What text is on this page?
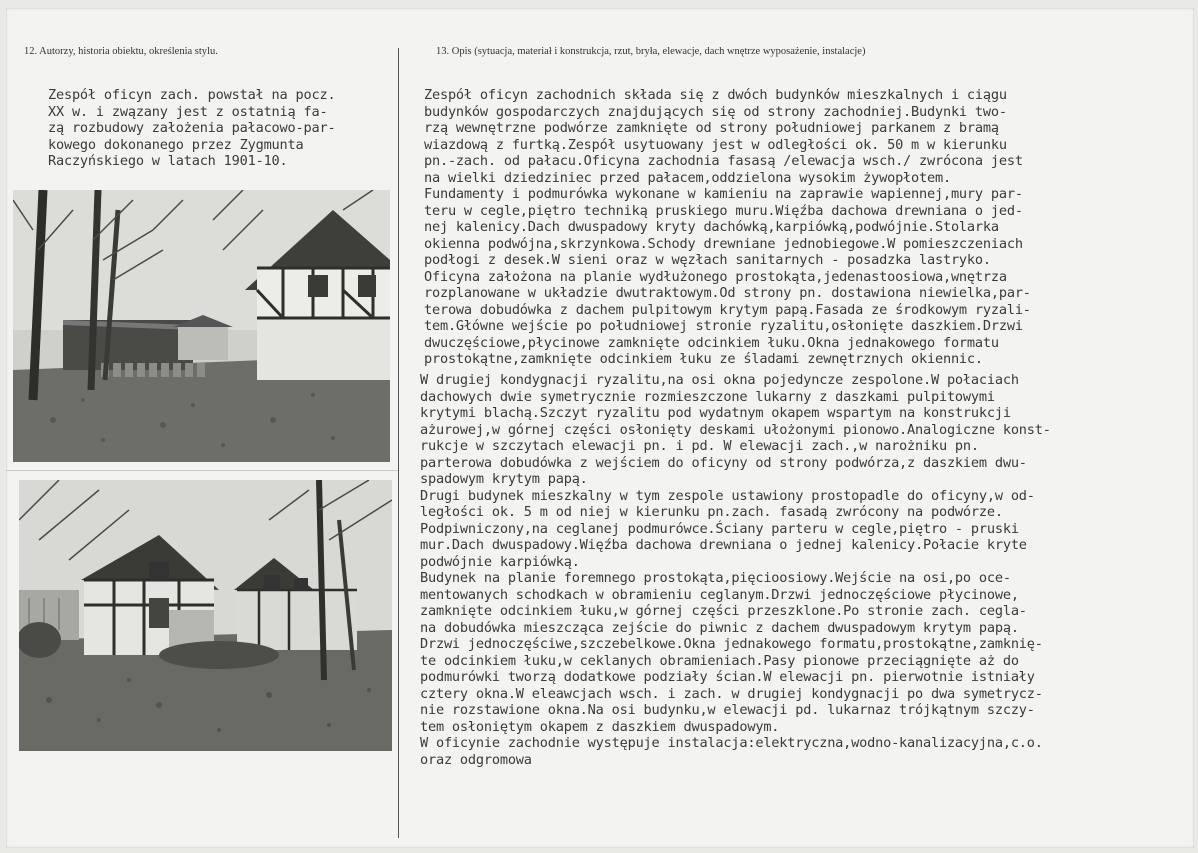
12. Autorzy, historia obiektu, określenia stylu.	13. Opis (sytuacja, materiał i konstrukcja, rzut, bryła, elewacje, dach wnętrze wyposażenie, instalacje)
Zespół oficyn zach. powstał na pocz.
XX w. i zwązany jest z ostatnią fa-
zą rozbudowy założenia pałacowo-par-
kowego dokonanego przez Zygmunta
Raczyńskiego w latach 1901-10.
Zespół oficyn zachodnich składa się z dwóch budynków mieszkalnych i ciągu
budynków gospodarczych znajdujących się od strony zachodniej.Budynki two-
rzą wewnętrzne podwórze zamknięte od strony południowej parkanem z bramą
wiazdową z furtką.Zespół usytuowany jest w odległości ok. 50 m w kierunku
pn.-zach. od pałacu.Oficyna zachodnia fasasą /elewacja wsch./ zwrócona jest
na wielki dziedziniec przed pałacem,oddzielona wysokim żywopłotem.
Fundamenty i podmurówka wykonane w kamieniu na zaprawie wapiennej,mury par-
teru w cegle,piętro techniką pruskiego muru.Więźba dachowa drewniana o jed-
nej kalenicy.Dach dwuspadowy kryty dachówką,karpiówką,podwójnie.Stolarka
okienna podwójna,skrzynkowa.Schody drewniane jednobiegowe.W pomieszczeniach
podłogi z desek.W sieni oraz w węzłach sanitarnych - posadzka lastryko.
Oficyna założona na planie wydłużonego prostokąta,jedenastoosiowa,wnętrza
rozplanowane w układzie dwutraktowym.Od strony pn. dostawiona niewielka,par-
terowa dobudówka z dachem pulpitowym krytym papą.Fasada ze środkowym ryzali-
tem.Główne wejście po południowej stronie ryzalitu,osłonięte daszkiem.Drzwi
dwuczęściowe,płycinowe zamknięte odcinkiem łuku.Okna jednakowego formatu
prostokątne,zamknięte odcinkiem łuku ze śladami zewnętrznych okiennic.
W drugiej kondygnacji ryzalitu,na osi okna pojedyncze zespolone.W połaciach
dachowych dwie symetrycznie rozmieszczone lukarny z daszkami pulpitowymi
krytymi blachą.Szczyt ryzalitu pod wydatnym okapem wspartym na konstrukcji
ażurowej,w górnej części osłonięty deskami ułożonymi pionowo.Analogiczne konst-
rukcje w szczytach elewacji pn. i pd. W elewacji zach.,w narożniku pn.
parterowa dobudówka z wejściem do oficyny od strony podwórza,z daszkiem dwu-
spadowym krytym papą.
Drugi budynek mieszkalny w tym zespole ustawiony prostopadle do oficyny,w od-
ległości ok. 5 m od niej w kierunku pn.zach. fasadą zwrócony na podwórze.
Podpiwniczony,na ceglanej podmurówce.Ściany parteru w cegle,piętro - pruski
mur.Dach dwuspadowy.Więźba dachowa drewniana o jednej kalenicy.Połacie kryte
podwójnie karpiówką.
Budynek na planie foremnego prostokąta,pięcioosiowy.Wejście na osi,po oce-
mentowanych schodkach w obramieniu ceglanym.Drzwi jednoczęściowe płycinowe,
zamknięte odcinkiem łuku,w górnej części przeszklone.Po stronie zach. cegla-
na dobudówka mieszcząca zejście do piwnic z dachem dwuspadowym krytym papą.
Drzwi jednoczęściwe,szczebelkowe.Okna jednakowego formatu,prostokątne,zamknię-
te odcinkiem łuku,w ceklanych obramieniach.Pasy pionowe przeciągnięte aż do
podmurówki tworzą dodatkowe podziały ścian.W elewacji pn. pierwotnie istniały
cztery okna.W eleawcjach wsch. i zach. w drugiej kondygnacji po dwa symetrycz-
nie rozstawione okna.Na osi budynku,w elewacji pd. lukarnaz trójkątnym szczy-
tem osłoniętym okapem z daszkiem dwuspadowym.
W oficynie zachodnie występuje instalacja:elektryczna,wodno-kanalizacyjna,c.o.
oraz odgromowa
